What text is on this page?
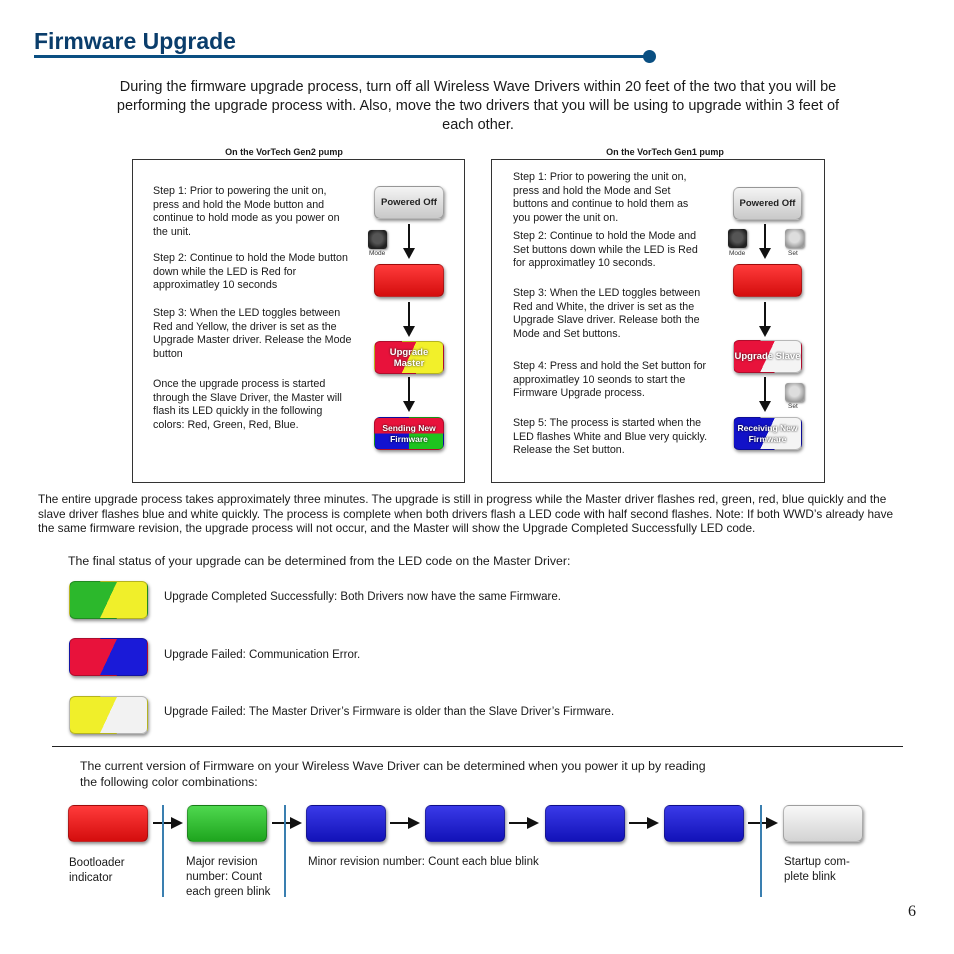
Firmware Upgrade
During the firmware upgrade process, turn off all Wireless Wave Drivers within 20 feet of the two that you will be performing the upgrade process with. Also, move the two drivers that you will be using to upgrade within 3 feet of each other.
On the VorTech Gen2 pump
Step 1: Prior to powering the unit on, press and hold the Mode button and continue to hold mode as you power on the unit.
Step 2: Continue to hold the Mode button down while the LED is Red for approximatley 10 seconds
Step 3: When the LED toggles between Red and Yellow, the driver is set as the Upgrade Master driver. Release the Mode button
Once the upgrade process is started through the Slave Driver, the Master will flash its LED quickly in the following colors: Red, Green, Red, Blue.
Powered Off
Mode
Upgrade Master
Sending New Firmware
On the VorTech Gen1 pump
Step 1: Prior to powering the unit on, press and hold the Mode and Set buttons and continue to hold them as you power the unit on.
Step 2: Continue to hold the Mode and Set buttons down while the LED is Red for approximatley 10 seconds.
Step 3: When the LED toggles between Red and White, the driver is set as the Upgrade Slave driver. Release both the Mode and Set buttons.
Step 4: Press and hold the Set button for approximatley 10 seonds to start the Firmware Upgrade process.
Step 5: The process is started when the LED flashes White and Blue very quickly. Release the Set button.
Powered Off
Mode	Set
Upgrade Slave
Set
Receiving New Firmware
The entire upgrade process takes approximately three minutes. The upgrade is still in progress while the Master driver flashes red, green, red, blue quickly and the slave driver flashes blue and white quickly. The process is complete when both drivers flash a LED code with half second flashes. Note: If both WWD’s already have the same firmware revision, the upgrade process will not occur, and the Master will show the Upgrade Completed Successfully LED code.
The final status of your upgrade can be determined from the LED code on the Master Driver:
Upgrade Completed Successfully: Both Drivers now have the same Firmware.
Upgrade Failed: Communication Error.
Upgrade Failed: The Master Driver’s Firmware is older than the Slave Driver’s Firmware.
The current version of Firmware on your Wireless Wave Driver can be determined when you power it up by reading the following color combinations:
Bootloader indicator
Major revision number: Count each green blink
Minor revision number: Count each blue blink	Startup com- plete blink
6
